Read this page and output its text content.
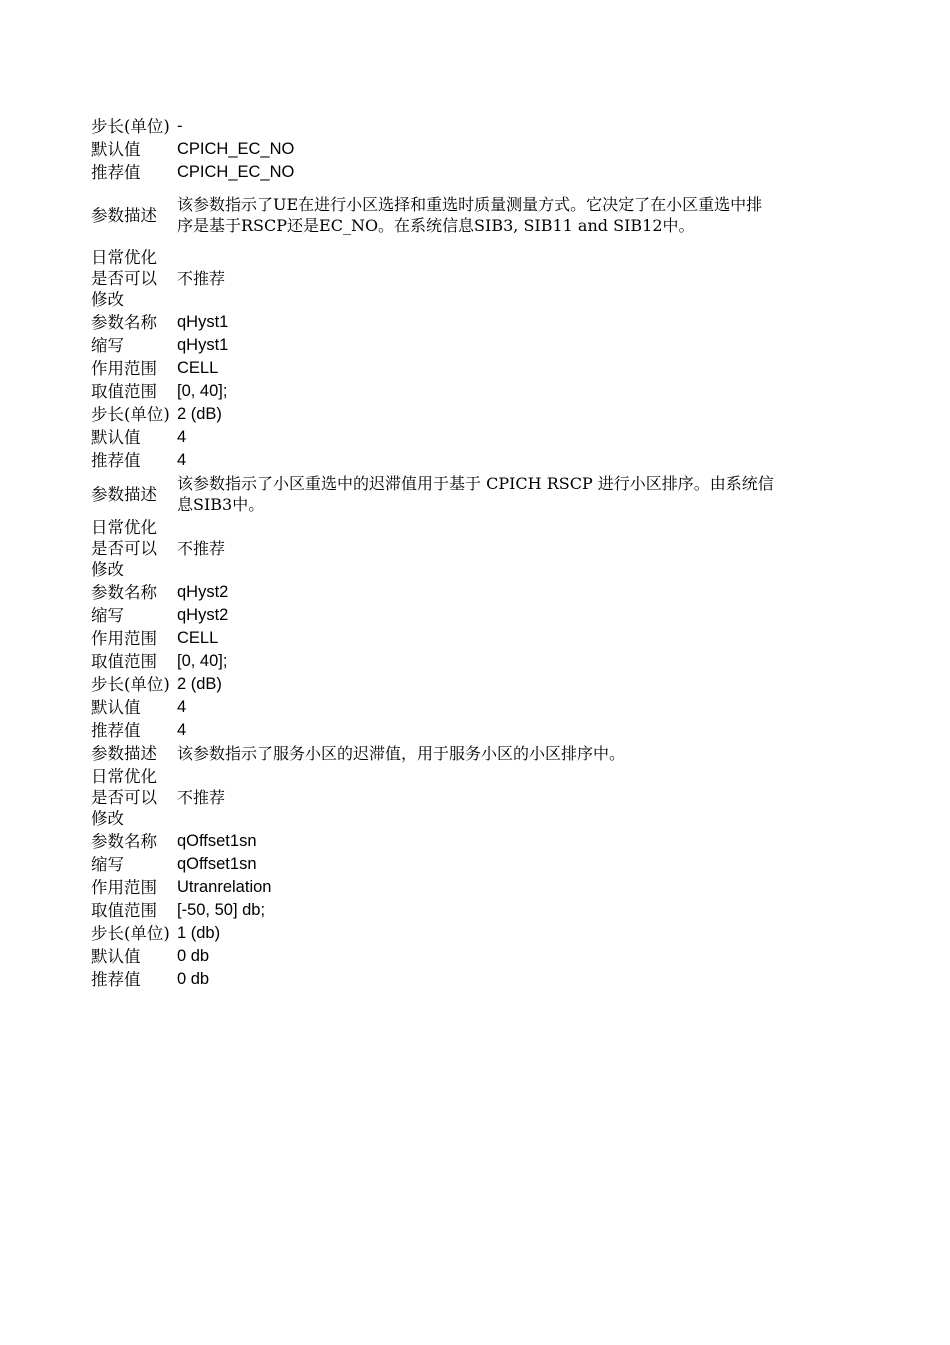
步长(单位)	-
默认值	CPICH_EC_NO
推荐值	CPICH_EC_NO
参数描述	该参数指示了UE在进行小区选择和重选时质量测量方式。它决定了在小区重选中排序是基于RSCP还是EC_NO。在系统信息SIB3, SIB11 and SIB12中。
日常优化是否可以修改	不推荐
参数名称	qHyst1
缩写	qHyst1
作用范围	CELL
取值范围	[0, 40];
步长(单位)	2 (dB)
默认值	4
推荐值	4
参数描述	该参数指示了小区重选中的迟滞值用于基于 CPICH RSCP 进行小区排序。由系统信息SIB3中。
日常优化是否可以修改	不推荐
参数名称	qHyst2
缩写	qHyst2
作用范围	CELL
取值范围	[0, 40];
步长(单位)	2 (dB)
默认值	4
推荐值	4
参数描述	该参数指示了服务小区的迟滞值，用于服务小区的小区排序中。
日常优化是否可以修改	不推荐
参数名称	qOffset1sn
缩写	qOffset1sn
作用范围	Utranrelation
取值范围	[-50, 50] db;
步长(单位)	1 (db)
默认值	0 db
推荐值	0 db
